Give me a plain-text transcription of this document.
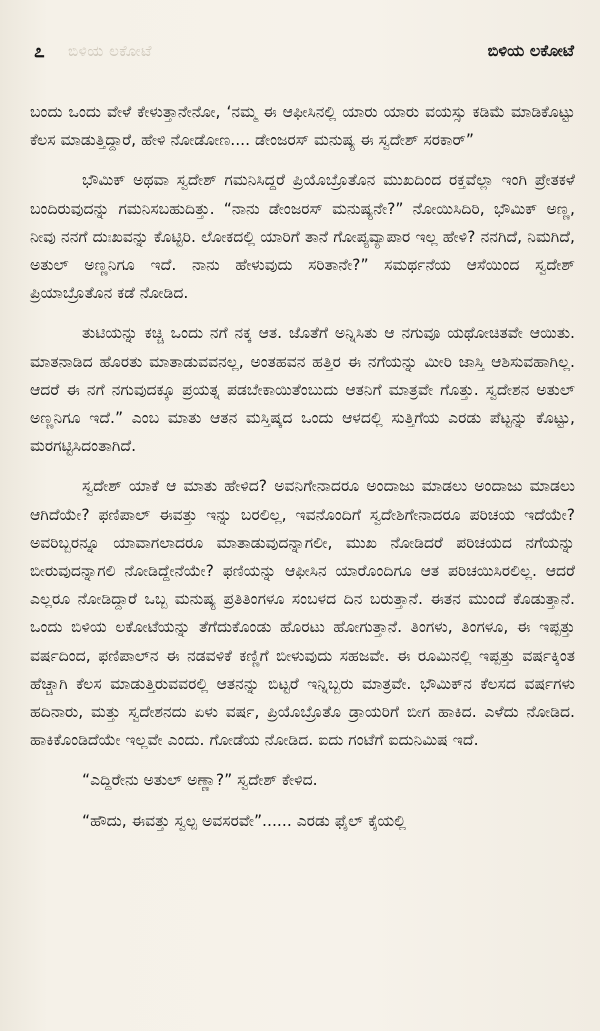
೭ ಬಿಳಿಯ ಲಕೋಟೆ	ಬಿಳಿಯ ಲಕೋಟೆ

ಬಂದು ಒಂದು ವೇಳೆ ಕೇಳುತ್ತಾನೇನೋ, ‘ನಮ್ಮ ಈ ಆಫೀಸಿನಲ್ಲಿ ಯಾರು ಯಾರು ವಯಸ್ಸು ಕಡಿಮೆ ಮಾಡಿಕೊಟ್ಟು ಕೆಲಸ ಮಾಡುತ್ತಿದ್ದಾರೆ, ಹೇಳಿ ನೋಡೋಣ.... ಡೇಂಜರಸ್ ಮನುಷ್ಯ ಈ ಸ್ವದೇಶ್ ಸರಕಾರ್”

ಭೌಮಿಕ್ ಅಥವಾ ಸ್ವದೇಶ್ ಗಮನಿಸಿದ್ದರೆ ಪ್ರಿಯೊಬ್ರೊತೊನ ಮುಖದಿಂದ ರಕ್ತವೆಲ್ಲಾ ಇಂಗಿ ಪ್ರೇತಕಳೆ ಬಂದಿರುವುದನ್ನು ಗಮನಿಸಬಹುದಿತ್ತು. “ನಾನು ಡೇಂಜರಸ್ ಮನುಷ್ಯನೇ?” ನೋಯಿಸಿದಿರಿ, ಭೌಮಿಕ್ ಅಣ್ಣ, ನೀವು ನನಗೆ ದುಃಖವನ್ನು ಕೊಟ್ಟಿರಿ. ಲೋಕದಲ್ಲಿ ಯಾರಿಗೆ ತಾನೆ ಗೋಪ್ಯವ್ಯಾಪಾರ ಇಲ್ಲ ಹೇಳಿ? ನನಗಿದೆ, ನಿಮಗಿದೆ, ಅತುಲ್ ಅಣ್ಣನಿಗೂ ಇದೆ. ನಾನು ಹೇಳುವುದು ಸರಿತಾನೇ?” ಸಮರ್ಥನೆಯ ಆಸೆಯಿಂದ ಸ್ವದೇಶ್ ಪ್ರಿಯಾಬ್ರೊತೊನ ಕಡೆ ನೋಡಿದ.

ತುಟಿಯನ್ನು ಕಚ್ಚಿ ಒಂದು ನಗೆ ನಕ್ಕ ಆತ. ಜೊತೆಗೆ ಅನ್ನಿಸಿತು ಆ ನಗುವೂ ಯಥೋಚಿತವೇ ಆಯಿತು. ಮಾತನಾಡಿದ ಹೊರತು ಮಾತಾಡುವವನಲ್ಲ, ಅಂತಹವನ ಹತ್ತಿರ ಈ ನಗೆಯನ್ನು ಮೀರಿ ಜಾಸ್ತಿ ಆಶಿಸುವಹಾಗಿಲ್ಲ. ಆದರೆ ಈ ನಗೆ ನಗುವುದಕ್ಕೂ ಪ್ರಯತ್ನ ಪಡಬೇಕಾಯಿತೆಂಬುದು ಆತನಿಗೆ ಮಾತ್ರವೇ ಗೊತ್ತು. ಸ್ವದೇಶನ ಅತುಲ್ ಅಣ್ಣನಿಗೂ ಇದೆ.” ಎಂಬ ಮಾತು ಆತನ ಮಸ್ತಿಷ್ಕದ ಒಂದು ಆಳದಲ್ಲಿ ಸುತ್ತಿಗೆಯ ಎರಡು ಪೆಟ್ಟನ್ನು ಕೊಟ್ಟು, ಮರಗಟ್ಟಿಸಿದಂತಾಗಿದೆ.

ಸ್ವದೇಶ್ ಯಾಕೆ ಆ ಮಾತು ಹೇಳಿದ? ಅವನಿಗೇನಾದರೂ ಅಂದಾಜು ಮಾಡಲು ಅಂದಾಜು ಮಾಡಲು ಆಗಿದೆಯೇ? ಫಣಿಪಾಲ್ ಈವತ್ತು ಇನ್ನು ಬರಲಿಲ್ಲ, ಇವನೊಂದಿಗೆ ಸ್ವದೇಶಿಗೇನಾದರೂ ಪರಿಚಯ ಇದೆಯೇ? ಅವರಿಬ್ಬರನ್ನೂ ಯಾವಾಗಲಾದರೂ ಮಾತಾಡುವುದನ್ನಾಗಲೀ, ಮುಖ ನೋಡಿದರೆ ಪರಿಚಯದ ನಗೆಯನ್ನು ಬೀರುವುದನ್ನಾಗಲಿ ನೋಡಿದ್ದೇನೆಯೇ? ಫಣಿಯನ್ನು ಆಫೀಸಿನ ಯಾರೊಂದಿಗೂ ಆತ ಪರಿಚಯಿಸಿರಲಿಲ್ಲ. ಆದರೆ ಎಲ್ಲರೂ ನೋಡಿದ್ದಾರೆ ಒಬ್ಬ ಮನುಷ್ಯ ಪ್ರತಿತಿಂಗಳೂ ಸಂಬಳದ ದಿನ ಬರುತ್ತಾನೆ. ಈತನ ಮುಂದೆ ಕೊಡುತ್ತಾನೆ. ಒಂದು ಬಿಳಿಯ ಲಕೋಟೆಯನ್ನು ತೆಗೆದುಕೊಂಡು ಹೊರಟು ಹೋಗುತ್ತಾನೆ. ತಿಂಗಳು, ತಿಂಗಳೂ, ಈ ಇಪ್ಪತ್ತು ವರ್ಷದಿಂದ, ಫಣಿಪಾಲ್‌ನ ಈ ನಡವಳಿಕೆ ಕಣ್ಣಿಗೆ ಬೀಳುವುದು ಸಹಜವೇ. ಈ ರೂಮಿನಲ್ಲಿ ಇಪ್ಪತ್ತು ವರ್ಷಕ್ಕಿಂತ ಹೆಚ್ಚಾಗಿ ಕೆಲಸ ಮಾಡುತ್ತಿರುವವರಲ್ಲಿ ಆತನನ್ನು ಬಿಟ್ಟರೆ ಇನ್ನಿಬ್ಬರು ಮಾತ್ರವೇ. ಭೌಮಿಕ್‌ನ ಕೆಲಸದ ವರ್ಷಗಳು ಹದಿನಾರು, ಮತ್ತು ಸ್ವದೇಶನದು ಏಳು ವರ್ಷ, ಪ್ರಿಯೊಬ್ರೊತೊ ಡ್ರಾಯರಿಗೆ ಬೀಗ ಹಾಕಿದ. ಎಳೆದು ನೋಡಿದ. ಹಾಕಿಕೊಂಡಿದೆಯೇ ಇಲ್ಲವೇ ಎಂದು. ಗೋಡೆಯ ನೋಡಿದ. ಐದು ಗಂಟೆಗೆ ಐದುನಿಮಿಷ ಇದೆ.

“ಎದ್ದಿರೇನು ಅತುಲ್ ಅಣ್ಣಾ?” ಸ್ವದೇಶ್ ಕೇಳಿದ.

“ಹೌದು, ಈವತ್ತು ಸ್ವಲ್ಪ ಅವಸರವೇ”...... ಎರಡು ಫೈಲ್ ಕೈಯಲ್ಲಿ
